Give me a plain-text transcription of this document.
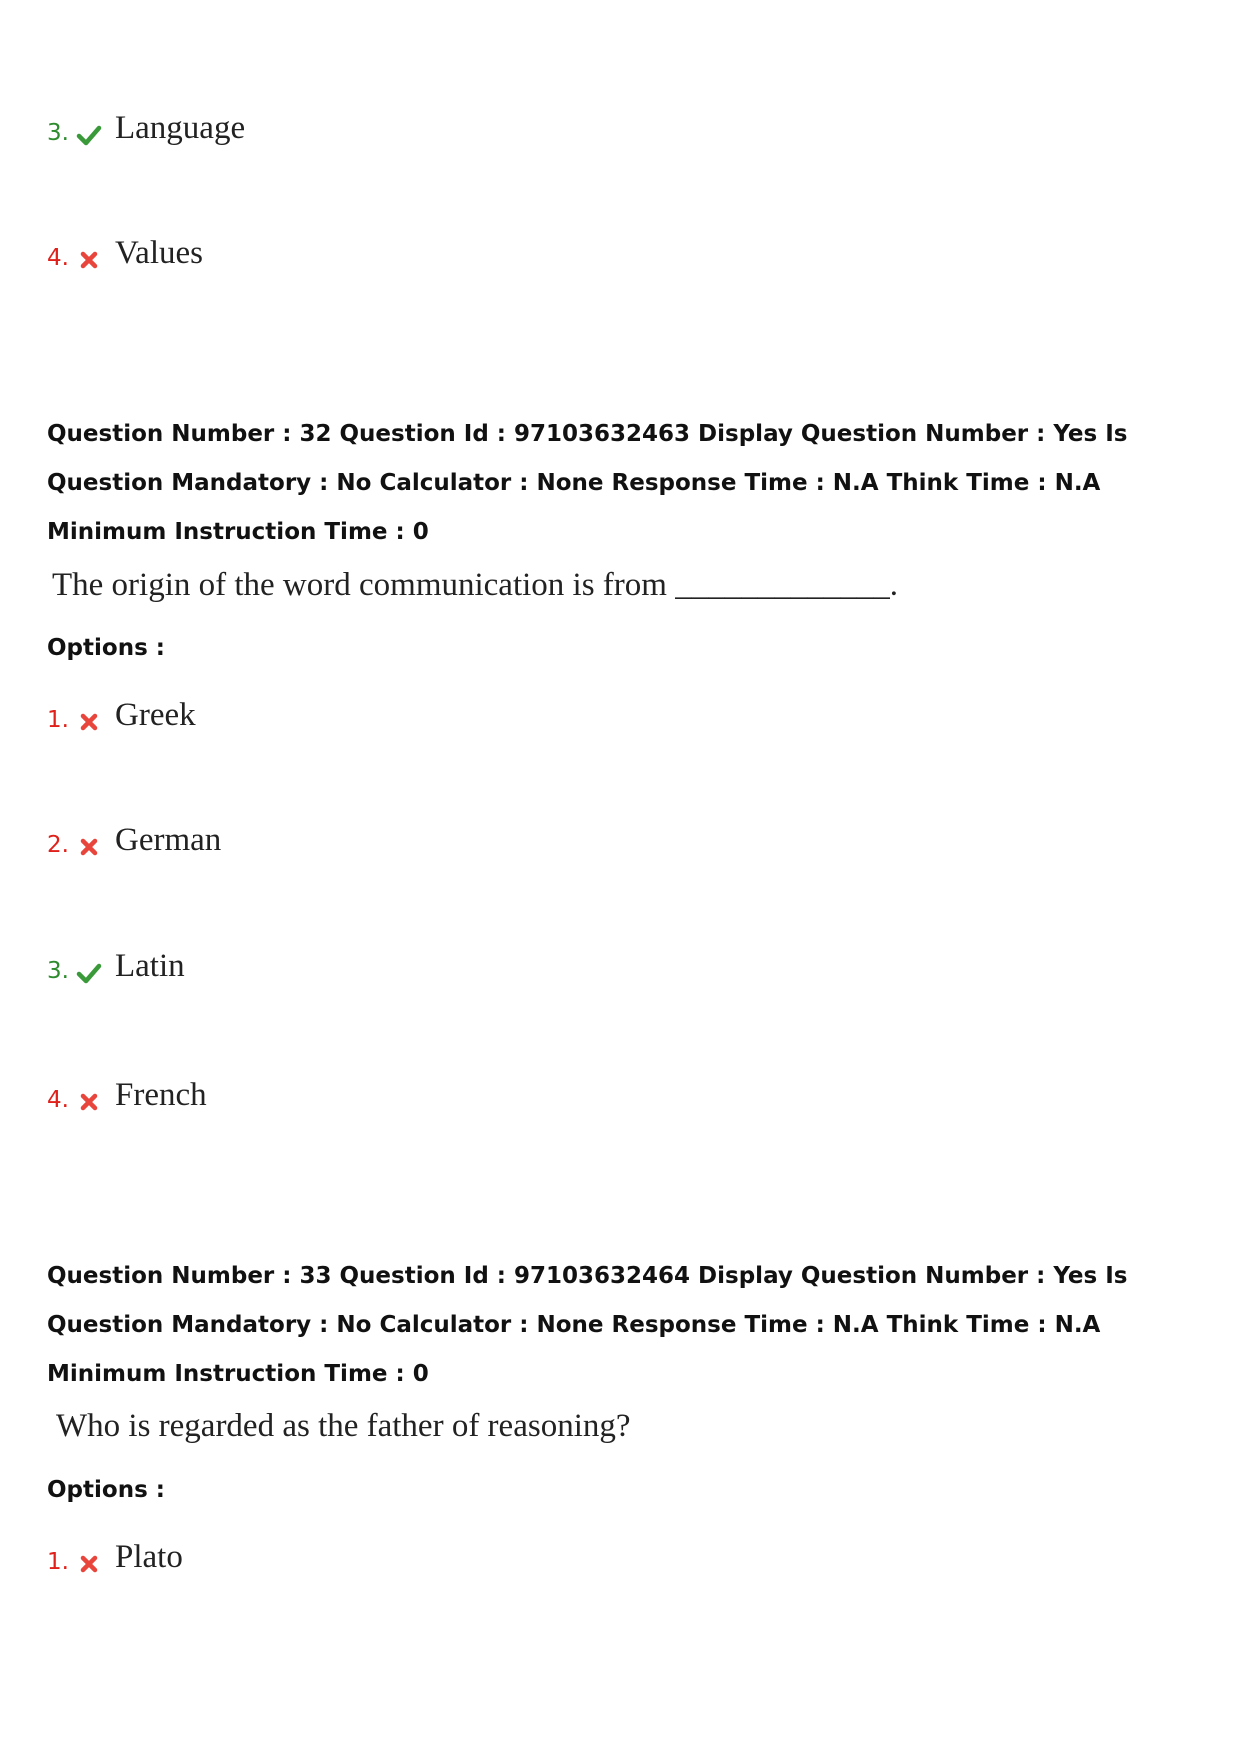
3. Language
4. Values
Question Number : 32 Question Id : 97103632463 Display Question Number : Yes Is Question Mandatory : No Calculator : None Response Time : N.A Think Time : N.A Minimum Instruction Time : 0
The origin of the word communication is from _____________.
Options :
1. Greek
2. German
3. Latin
4. French
Question Number : 33 Question Id : 97103632464 Display Question Number : Yes Is Question Mandatory : No Calculator : None Response Time : N.A Think Time : N.A Minimum Instruction Time : 0
Who is regarded as the father of reasoning?
Options :
1. Plato
